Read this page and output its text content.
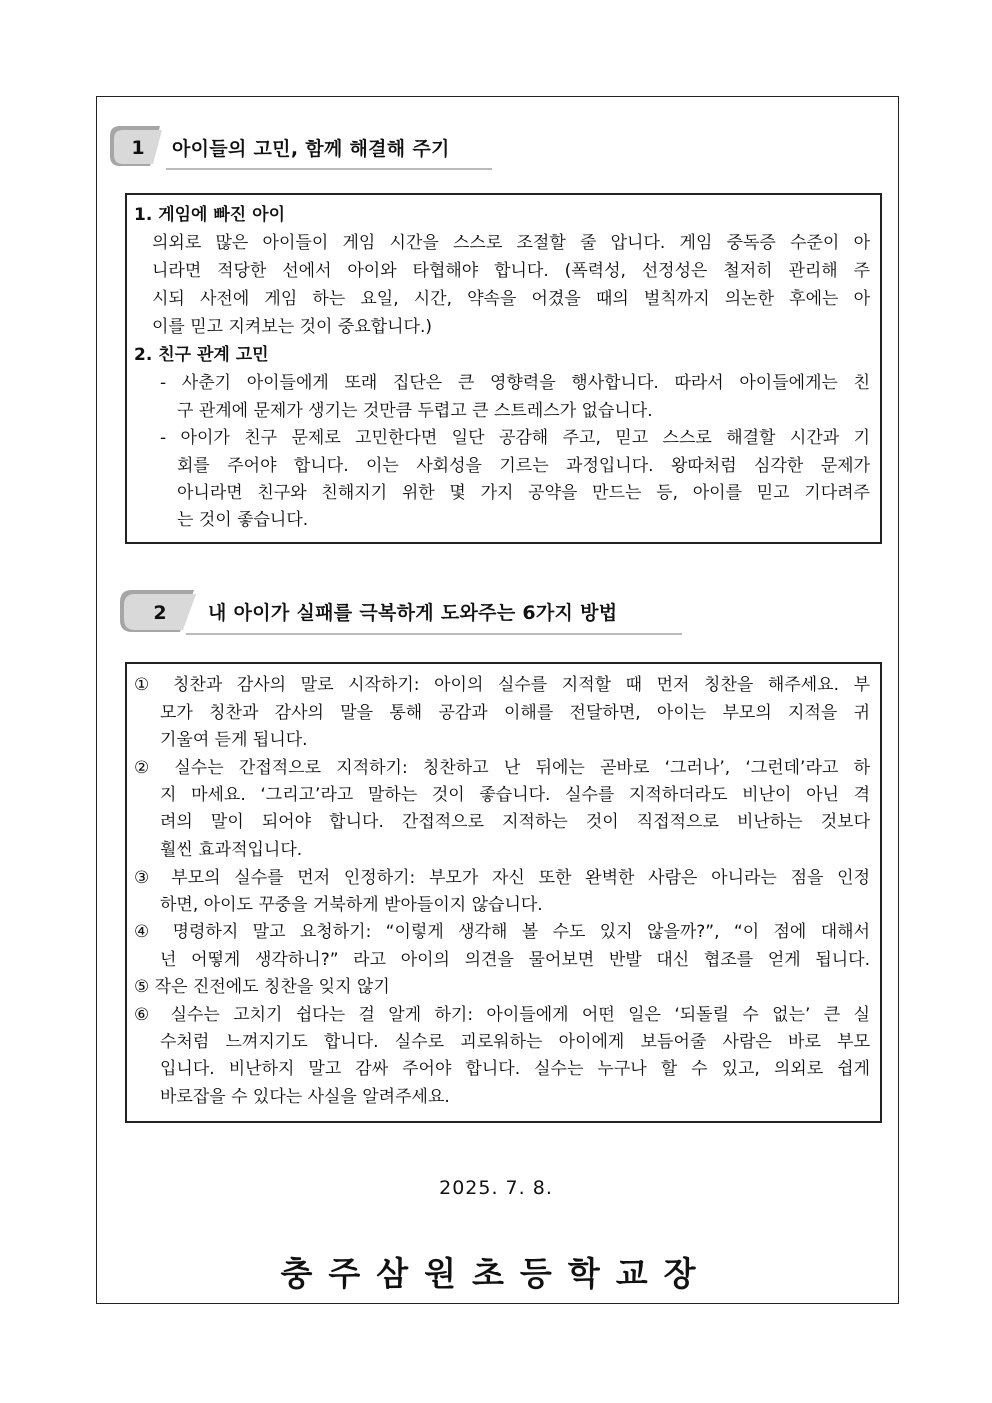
1	아이들의 고민, 함께 해결해 주기
1. 게임에 빠진 아이
의외로 많은 아이들이 게임 시간을 스스로 조절할 줄 압니다. 게임 중독증 수준이 아
니라면 적당한 선에서 아이와 타협해야 합니다. (폭력성, 선정성은 철저히 관리해 주
시되 사전에 게임 하는 요일, 시간, 약속을 어겼을 때의 벌칙까지 의논한 후에는 아
이를 믿고 지켜보는 것이 중요합니다.)
2. 친구 관계 고민
- 사춘기 아이들에게 또래 집단은 큰 영향력을 행사합니다. 따라서 아이들에게는 친
구 관계에 문제가 생기는 것만큼 두렵고 큰 스트레스가 없습니다.
- 아이가 친구 문제로 고민한다면 일단 공감해 주고, 믿고 스스로 해결할 시간과 기
회를 주어야 합니다. 이는 사회성을 기르는 과정입니다. 왕따처럼 심각한 문제가
아니라면 친구와 친해지기 위한 몇 가지 공약을 만드는 등, 아이를 믿고 기다려주
는 것이 좋습니다.
2	내 아이가 실패를 극복하게 도와주는 6가지 방법
① 칭찬과 감사의 말로 시작하기: 아이의 실수를 지적할 때 먼저 칭찬을 해주세요. 부
모가 칭찬과 감사의 말을 통해 공감과 이해를 전달하면, 아이는 부모의 지적을 귀
기울여 듣게 됩니다.
② 실수는 간접적으로 지적하기: 칭찬하고 난 뒤에는 곧바로 ‘그러나’, ‘그런데’라고 하
지 마세요. ‘그리고’라고 말하는 것이 좋습니다. 실수를 지적하더라도 비난이 아닌 격
려의 말이 되어야 합니다. 간접적으로 지적하는 것이 직접적으로 비난하는 것보다
훨씬 효과적입니다.
③ 부모의 실수를 먼저 인정하기: 부모가 자신 또한 완벽한 사람은 아니라는 점을 인정
하면, 아이도 꾸중을 거북하게 받아들이지 않습니다.
④ 명령하지 말고 요청하기: “이렇게 생각해 볼 수도 있지 않을까?”, “이 점에 대해서
넌 어떻게 생각하니?” 라고 아이의 의견을 물어보면 반발 대신 협조를 얻게 됩니다.
⑤ 작은 진전에도 칭찬을 잊지 않기
⑥ 실수는 고치기 쉽다는 걸 알게 하기: 아이들에게 어떤 일은 ‘되돌릴 수 없는’ 큰 실
수처럼 느껴지기도 합니다. 실수로 괴로워하는 아이에게 보듬어줄 사람은 바로 부모
입니다. 비난하지 말고 감싸 주어야 합니다. 실수는 누구나 할 수 있고, 의외로 쉽게
바로잡을 수 있다는 사실을 알려주세요.
2025. 7. 8.
충주삼원초등학교장
